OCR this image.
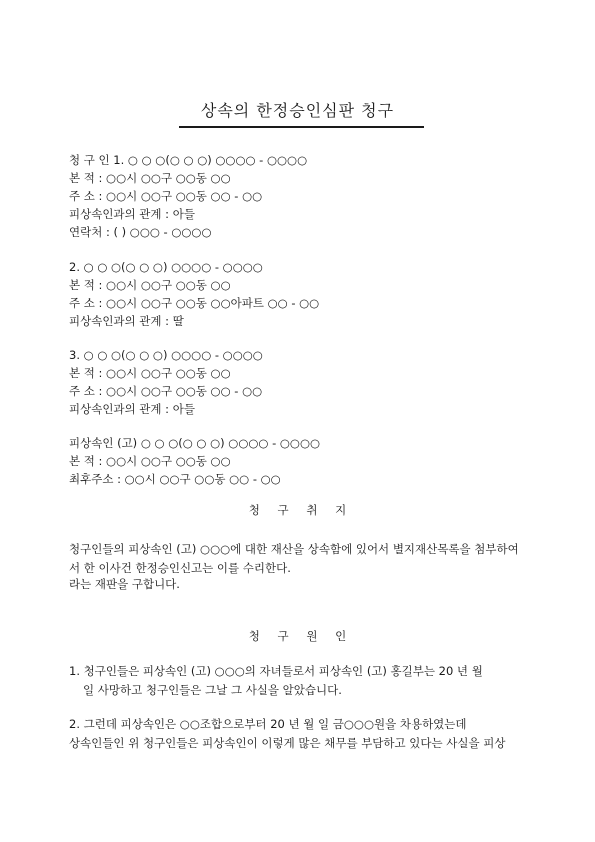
상속의 한정승인심판 청구
청 구 인 1. ○ ○ ○(○ ○ ○) ○○○○ - ○○○○
본 적 : ○○시 ○○구 ○○동 ○○
주 소 : ○○시 ○○구 ○○동 ○○ - ○○
피상속인과의 관계 : 아들
연락처 : ( ) ○○○ - ○○○○
2. ○ ○ ○(○ ○ ○) ○○○○ - ○○○○
본 적 : ○○시 ○○구 ○○동 ○○
주 소 : ○○시 ○○구 ○○동 ○○아파트 ○○ - ○○
피상속인과의 관계 : 딸
3. ○ ○ ○(○ ○ ○) ○○○○ - ○○○○
본 적 : ○○시 ○○구 ○○동 ○○
주 소 : ○○시 ○○구 ○○동 ○○ - ○○
피상속인과의 관계 : 아들
피상속인 (고) ○ ○ ○(○ ○ ○) ○○○○ - ○○○○
본 적 : ○○시 ○○구 ○○동 ○○
최후주소 : ○○시 ○○구 ○○동 ○○ - ○○
청 구 취 지
청구인들의 피상속인 (고) ○○○에 대한 재산을 상속함에 있어서 별지재산목록을 첨부하여서 한 이사건 한정승인신고는 이를 수리한다.
라는 재판을 구합니다.
청 구 원 인
1. 청구인들은 피상속인 (고) ○○○의 자녀들로서 피상속인 (고) 홍길부는 20 년 월
일 사망하고 청구인들은 그날 그 사실을 알았습니다.
2. 그런데 피상속인은 ○○조합으로부터 20 년 월 일 금○○○원을 차용하였는데
상속인들인 위 청구인들은 피상속인이 이렇게 많은 채무를 부담하고 있다는 사실을 피상
